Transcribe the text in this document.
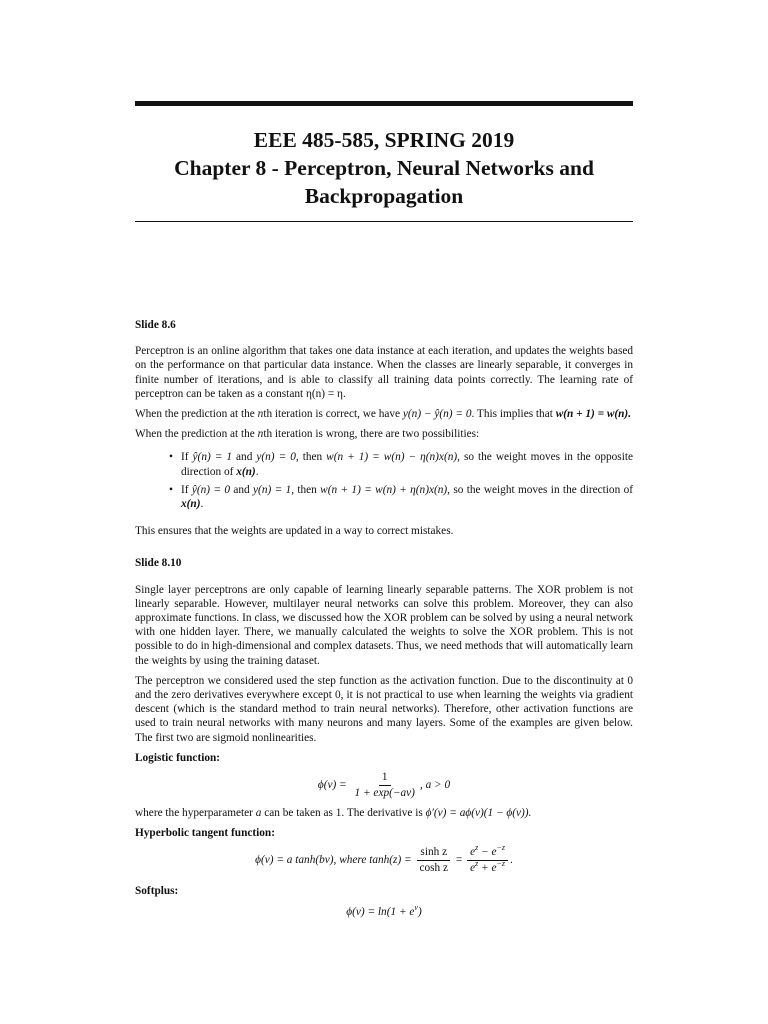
EEE 485-585, SPRING 2019
Chapter 8 - Perceptron, Neural Networks and
Backpropagation

Slide 8.6

Perceptron is an online algorithm that takes one data instance at each iteration, and updates the weights based on the performance on that particular data instance. When the classes are linearly separable, it converges in finite number of iterations, and is able to classify all training data points correctly. The learning rate of perceptron can be taken as a constant η(n) = η.

When the prediction at the nth iteration is correct, we have y(n) − ŷ(n) = 0. This implies that w(n + 1) = w(n).

When the prediction at the nth iteration is wrong, there are two possibilities:

• If ŷ(n) = 1 and y(n) = 0, then w(n + 1) = w(n) − η(n)x(n), so the weight moves in the opposite direction of x(n).
• If ŷ(n) = 0 and y(n) = 1, then w(n + 1) = w(n) + η(n)x(n), so the weight moves in the direction of x(n).

This ensures that the weights are updated in a way to correct mistakes.

Slide 8.10

Single layer perceptrons are only capable of learning linearly separable patterns. The XOR problem is not linearly separable. However, multilayer neural networks can solve this problem. Moreover, they can also approximate functions. In class, we discussed how the XOR problem can be solved by using a neural network with one hidden layer. There, we manually calculated the weights to solve the XOR problem. This is not possible to do in high-dimensional and complex datasets. Thus, we need methods that will automatically learn the weights by using the training dataset.

The perceptron we considered used the step function as the activation function. Due to the discontinuity at 0 and the zero derivatives everywhere except 0, it is not practical to use when learning the weights via gradient descent (which is the standard method to train neural networks). Therefore, other activation functions are used to train neural networks with many neurons and many layers. Some of the examples are given below. The first two are sigmoid nonlinearities.

Logistic function:

$\phi(v) = \frac{1}{1 + \exp(-av)}$ , a > 0

where the hyperparameter a can be taken as 1. The derivative is ϕ′(v) = aϕ(v)(1 − ϕ(v)).

Hyperbolic tangent function:

ϕ(v) = a tanh(bv), where $\tanh(z) = \frac{\text{sinh z}}{\text{cosh z}} = \frac{e^z - e^{-z}}{e^z + e^{-z}}$ .

Softplus:

$\phi(v) = \ln(1 + e^v)$
